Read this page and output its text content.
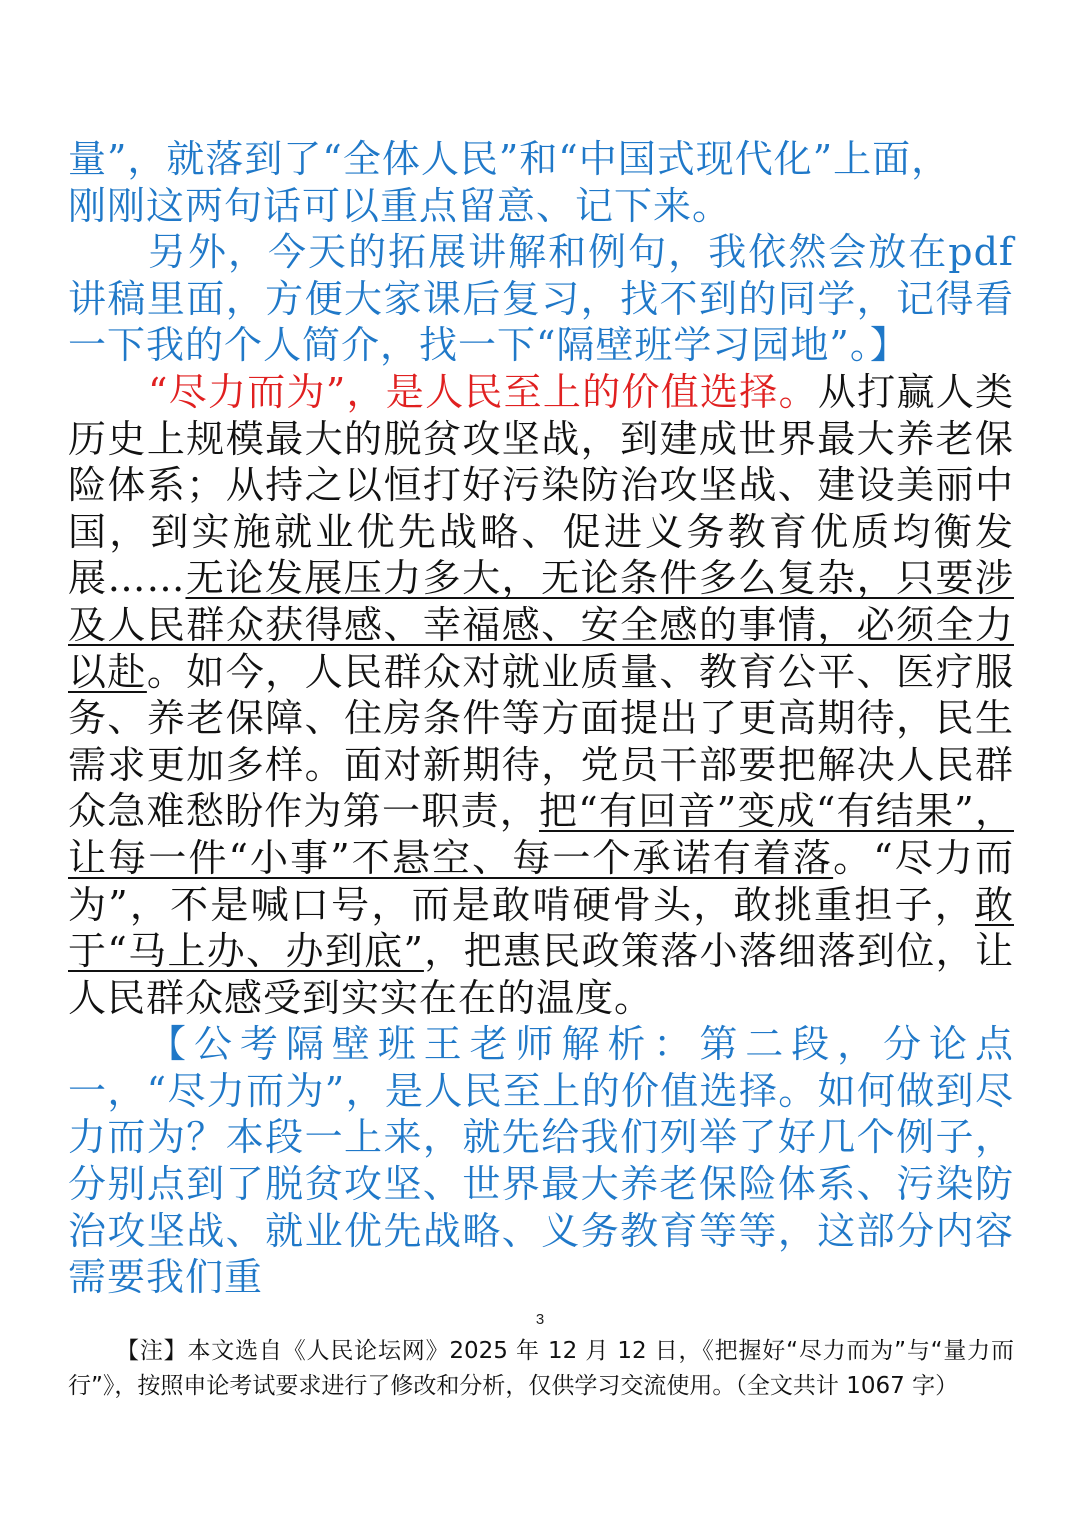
量”，就落到了“全体人民”和“中国式现代化”上面，
刚刚这两句话可以重点留意、记下来。

另外，今天的拓展讲解和例句，我依然会放在pdf讲稿里面，方便大家课后复习，找不到的同学，记得看一下我的个人简介，找一下“隔壁班学习园地”。】

“尽力而为”，是人民至上的价值选择。从打赢人类历史上规模最大的脱贫攻坚战，到建成世界最大养老保险体系；从持之以恒打好污染防治攻坚战、建设美丽中国，到实施就业优先战略、促进义务教育优质均衡发展……无论发展压力多大，无论条件多么复杂，只要涉及人民群众获得感、幸福感、安全感的事情，必须全力以赴。如今，人民群众对就业质量、教育公平、医疗服务、养老保障、住房条件等方面提出了更高期待，民生需求更加多样。面对新期待，党员干部要把解决人民群众急难愁盼作为第一职责，把“有回音”变成“有结果”，让每一件“小事”不悬空、每一个承诺有着落。“尽力而为”，不是喊口号，而是敢啃硬骨头，敢挑重担子，敢于“马上办、办到底”，把惠民政策落小落细落到位，让人民群众感受到实实在在的温度。

【公考隔壁班王老师解析：第二段，分论点一，“尽力而为”，是人民至上的价值选择。如何做到尽力而为？本段一上来，就先给我们列举了好几个例子，分别点到了脱贫攻坚、世界最大养老保险体系、污染防治攻坚战、就业优先战略、义务教育等等，这部分内容需要我们重

3

【注】本文选自《人民论坛网》2025 年 12 月 12 日，《把握好“尽力而为”与“量力而行”》，按照申论考试要求进行了修改和分析，仅供学习交流使用。（全文共计 1067 字）
